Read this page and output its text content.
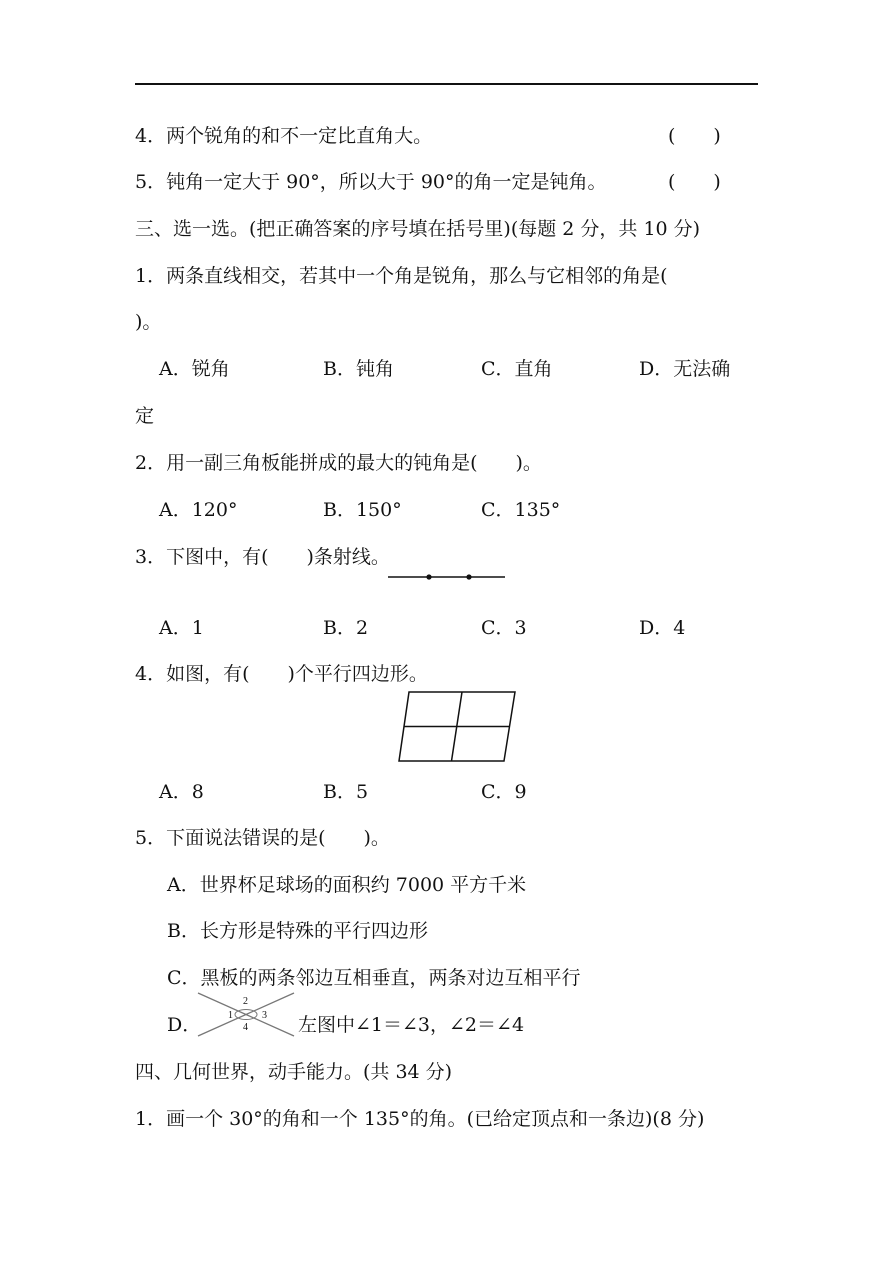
4．两个锐角的和不一定比直角大。	(　　)
5．钝角一定大于 90°，所以大于 90°的角一定是钝角。	(　　)
三、选一选。(把正确答案的序号填在括号里)(每题 2 分，共 10 分)
1．两条直线相交，若其中一个角是锐角，那么与它相邻的角是(
)。
A．锐角	B．钝角	C．直角	D．无法确
定
2．用一副三角板能拼成的最大的钝角是(　　)。
A．120°	B．150°	C．135°
3．下图中，有(　　)条射线。
A．1	B．2	C．3	D．4
4．如图，有(　　)个平行四边形。
A．8	B．5	C．9
5．下面说法错误的是(　　)。
A．世界杯足球场的面积约 7000 平方千米
B．长方形是特殊的平行四边形
C．黑板的两条邻边互相垂直，两条对边互相平行
D．	1
2
3
4	左图中∠1＝∠3，∠2＝∠4
四、几何世界，动手能力。(共 34 分)
1．画一个 30°的角和一个 135°的角。(已给定顶点和一条边)(8 分)
